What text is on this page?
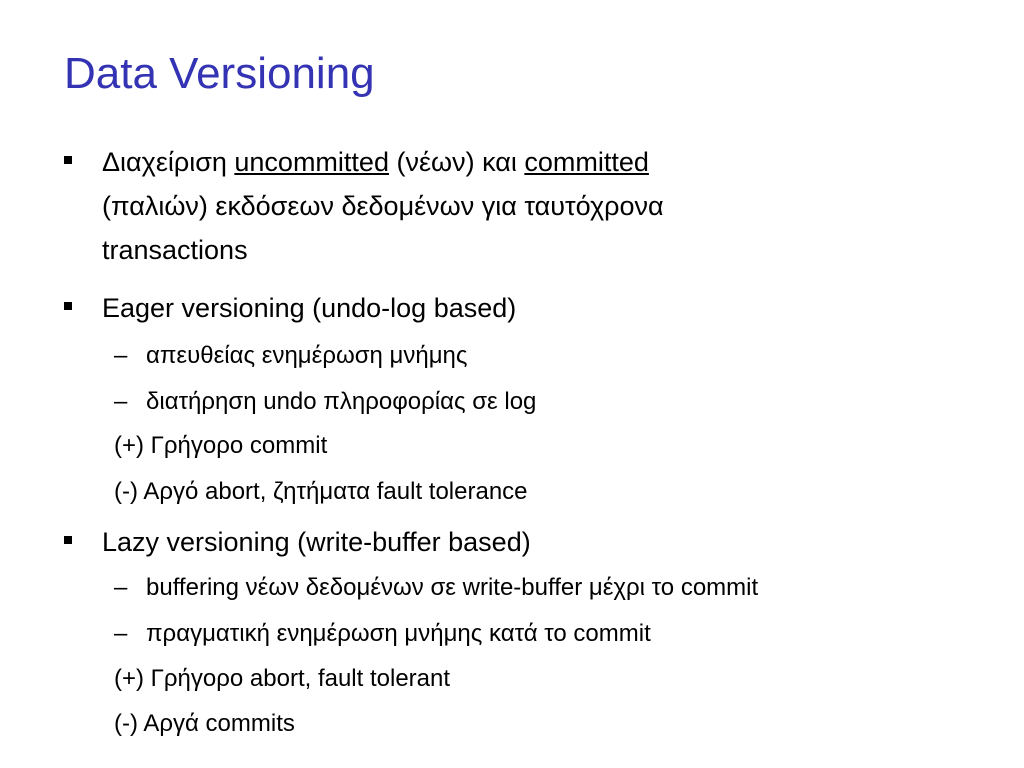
Data Versioning
Διαχείριση uncommitted (νέων) και committed
(παλιών) εκδόσεων δεδομένων για ταυτόχρονα
transactions
Eager versioning (undo-log based)
– απευθείας ενημέρωση μνήμης
– διατήρηση undo πληροφορίας σε log
(+) Γρήγορο commit
(-) Αργό abort, ζητήματα fault tolerance
Lazy versioning (write-buffer based)
– buffering νέων δεδομένων σε write-buffer μέχρι το commit
– πραγματική ενημέρωση μνήμης κατά το commit
(+) Γρήγορο abort, fault tolerant
(-) Αργά commits
